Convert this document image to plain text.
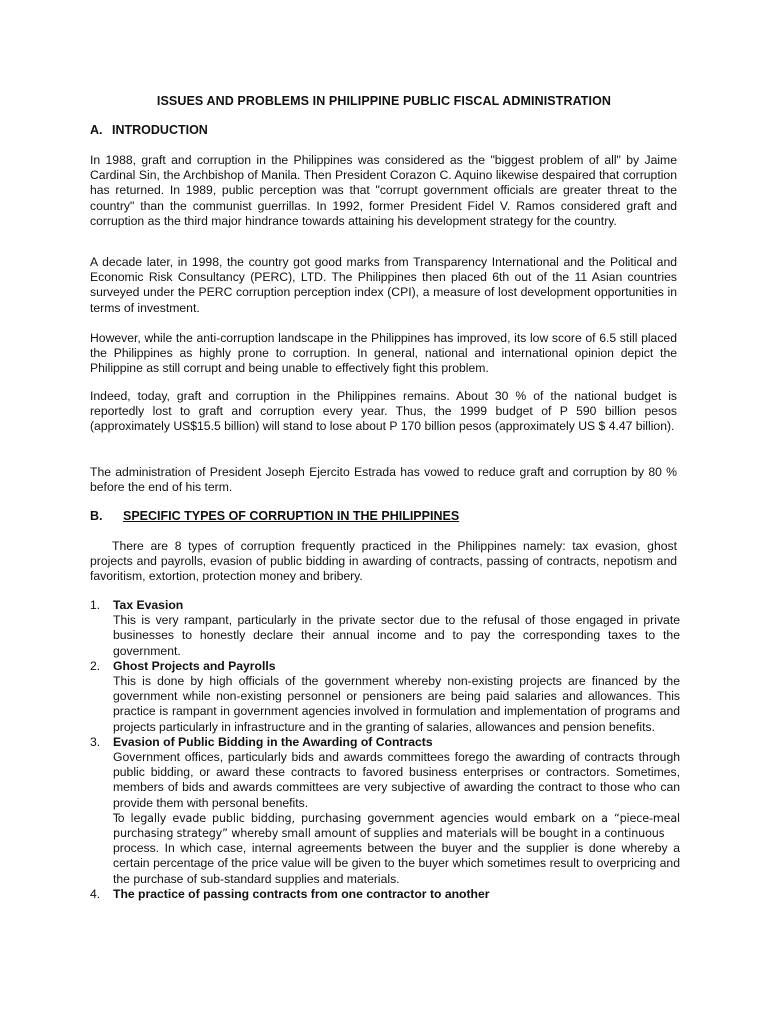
ISSUES AND PROBLEMS IN PHILIPPINE PUBLIC FISCAL ADMINISTRATION
A. INTRODUCTION

In 1988, graft and corruption in the Philippines was considered as the "biggest problem of all" by Jaime Cardinal Sin, the Archbishop of Manila. Then President Corazon C. Aquino likewise despaired that corruption has returned. In 1989, public perception was that "corrupt government officials are greater threat to the country" than the communist guerrillas. In 1992, former President Fidel V. Ramos considered graft and corruption as the third major hindrance towards attaining his development strategy for the country.

A decade later, in 1998, the country got good marks from Transparency International and the Political and Economic Risk Consultancy (PERC), LTD. The Philippines then placed 6th out of the 11 Asian countries surveyed under the PERC corruption perception index (CPI), a measure of lost development opportunities in terms of investment.

However, while the anti-corruption landscape in the Philippines has improved, its low score of 6.5 still placed the Philippines as highly prone to corruption. In general, national and international opinion depict the Philippine as still corrupt and being unable to effectively fight this problem.

Indeed, today, graft and corruption in the Philippines remains. About 30 % of the national budget is reportedly lost to graft and corruption every year. Thus, the 1999 budget of P 590 billion pesos (approximately US$15.5 billion) will stand to lose about P 170 billion pesos (approximately US $ 4.47 billion).

The administration of President Joseph Ejercito Estrada has vowed to reduce graft and corruption by 80 % before the end of his term.

B. SPECIFIC TYPES OF CORRUPTION IN THE PHILIPPINES

There are 8 types of corruption frequently practiced in the Philippines namely: tax evasion, ghost projects and payrolls, evasion of public bidding in awarding of contracts, passing of contracts, nepotism and favoritism, extortion, protection money and bribery.

1. Tax Evasion

This is very rampant, particularly in the private sector due to the refusal of those engaged in private businesses to honestly declare their annual income and to pay the corresponding taxes to the government.

2. Ghost Projects and Payrolls

This is done by high officials of the government whereby non-existing projects are financed by the government while non-existing personnel or pensioners are being paid salaries and allowances. This practice is rampant in government agencies involved in formulation and implementation of programs and projects particularly in infrastructure and in the granting of salaries, allowances and pension benefits.

3. Evasion of Public Bidding in the Awarding of Contracts

Government offices, particularly bids and awards committees forego the awarding of contracts through public bidding, or award these contracts to favored business enterprises or contractors. Sometimes, members of bids and awards committees are very subjective of awarding the contract to those who can provide them with personal benefits.

To legally evade public bidding, purchasing government agencies would embark on a “piece-meal purchasing strategy” whereby small amount of supplies and materials will be bought in a continuous

process. In which case, internal agreements between the buyer and the supplier is done whereby a certain percentage of the price value will be given to the buyer which sometimes result to overpricing and the purchase of sub-standard supplies and materials.

4. The practice of passing contracts from one contractor to another
